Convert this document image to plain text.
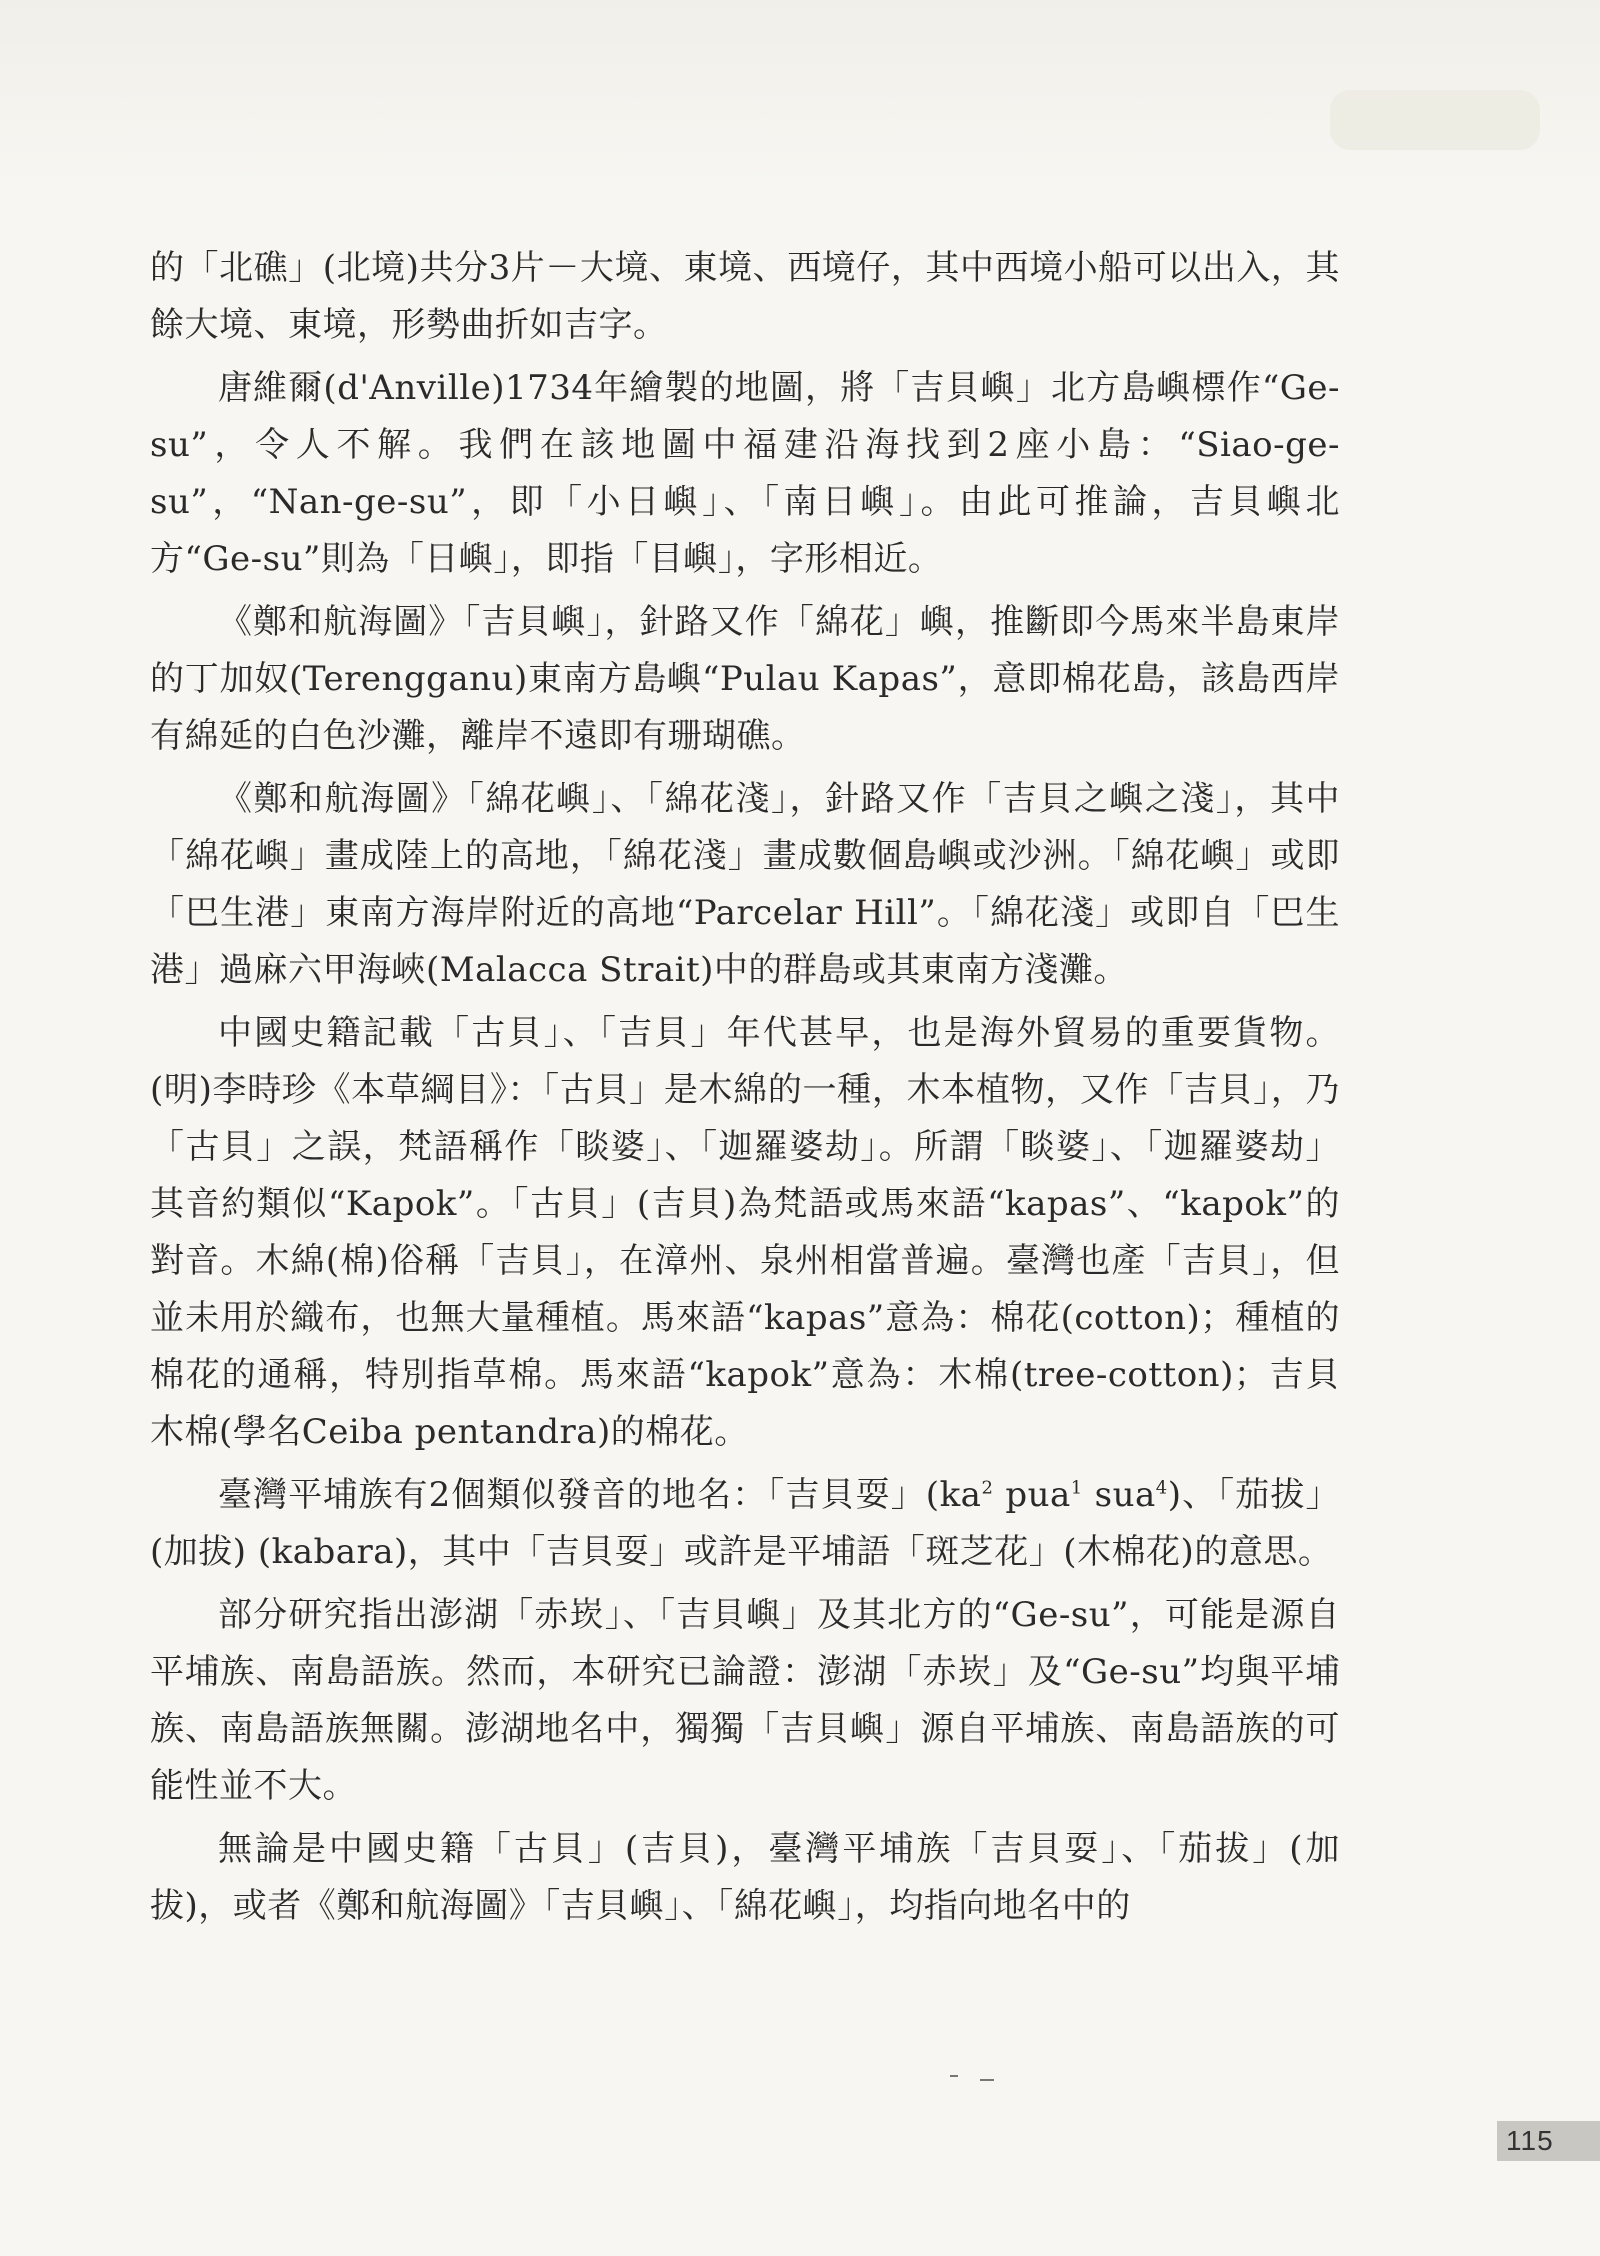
的「北礁」(北境)共分3片－大境、東境、西境仔，其中西境小船可以出入，其餘大境、東境，形勢曲折如吉字。

唐維爾(d'Anville)1734年繪製的地圖，將「吉貝嶼」北方島嶼標作“Ge-su”，令人不解。我們在該地圖中福建沿海找到2座小島：“Siao-ge-su”，“Nan-ge-su”，即「小日嶼」、「南日嶼」。由此可推論，吉貝嶼北方“Ge-su”則為「日嶼」，即指「目嶼」，字形相近。

《鄭和航海圖》「吉貝嶼」，針路又作「綿花」嶼，推斷即今馬來半島東岸的丁加奴(Terengganu)東南方島嶼“Pulau Kapas”，意即棉花島，該島西岸有綿延的白色沙灘，離岸不遠即有珊瑚礁。

《鄭和航海圖》「綿花嶼」、「綿花淺」，針路又作「吉貝之嶼之淺」，其中「綿花嶼」畫成陸上的高地，「綿花淺」畫成數個島嶼或沙洲。「綿花嶼」或即「巴生港」東南方海岸附近的高地“Parcelar Hill”。「綿花淺」或即自「巴生港」過麻六甲海峽(Malacca Strait)中的群島或其東南方淺灘。

中國史籍記載「古貝」、「吉貝」年代甚早，也是海外貿易的重要貨物。(明)李時珍《本草綱目》：「古貝」是木綿的一種，木本植物，又作「吉貝」，乃「古貝」之誤，梵語稱作「睒婆」、「迦羅婆劫」。所謂「睒婆」、「迦羅婆劫」其音約類似“Kapok”。「古貝」(吉貝)為梵語或馬來語“kapas”、“kapok”的對音。木綿(棉)俗稱「吉貝」，在漳州、泉州相當普遍。臺灣也產「吉貝」，但並未用於織布，也無大量種植。馬來語“kapas”意為：棉花(cotton)；種植的棉花的通稱，特別指草棉。馬來語“kapok”意為：木棉(tree-cotton)；吉貝木棉(學名Ceiba pentandra)的棉花。

臺灣平埔族有2個類似發音的地名：「吉貝耍」($ka^2$ pua$^1$ sua$^4$)、「茄拔」(加拔) (kabara)，其中「吉貝耍」或許是平埔語「斑芝花」(木棉花)的意思。

部分研究指出澎湖「赤崁」、「吉貝嶼」及其北方的“Ge-su”，可能是源自平埔族、南島語族。然而，本研究已論證：澎湖「赤崁」及“Ge-su”均與平埔族、南島語族無關。澎湖地名中，獨獨「吉貝嶼」源自平埔族、南島語族的可能性並不大。

無論是中國史籍「古貝」(吉貝)，臺灣平埔族「吉貝耍」、「茄拔」(加拔)，或者《鄭和航海圖》「吉貝嶼」、「綿花嶼」，均指向地名中的

115
